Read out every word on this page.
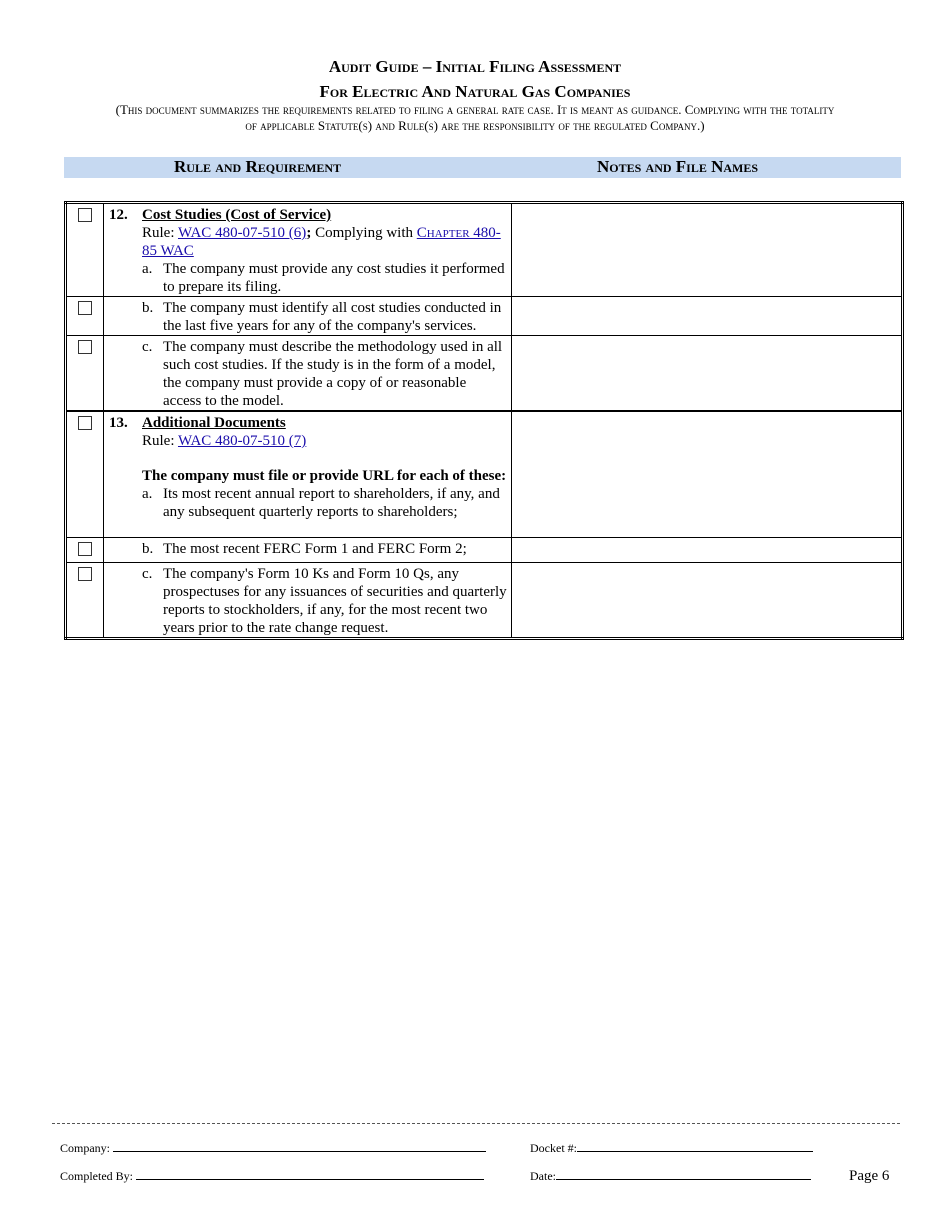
Audit Guide – Initial Filing Assessment
For Electric And Natural Gas Companies
(This document summarizes the requirements related to filing a general rate case. It is meant as guidance. Complying with the totality of applicable Statute(s) and Rule(s) are the responsibility of the regulated Company.)
Rule and Requirement	Notes and File Names
	12.	Cost Studies (Cost of Service)
Rule: WAC 480-07-510 (6); Complying with Chapter 480-85 WAC
a. The company must provide any cost studies it performed to prepare its filing.	

		b. The company must identify all cost studies conducted in the last five years for any of the company's services.	

		c. The company must describe the methodology used in all such cost studies. If the study is in the form of a model, the company must provide a copy of or reasonable access to the model.	

	13.	Additional Documents
Rule: WAC 480-07-510 (7)
The company must file or provide URL for each of these:
a. Its most recent annual report to shareholders, if any, and any subsequent quarterly reports to shareholders;	

		b. The most recent FERC Form 1 and FERC Form 2;	

		c. The company's Form 10 Ks and Form 10 Qs, any prospectuses for any issuances of securities and quarterly reports to stockholders, if any, for the most recent two years prior to the rate change request.	

Company:	Docket #:
Completed By:	Date:	Page 6
